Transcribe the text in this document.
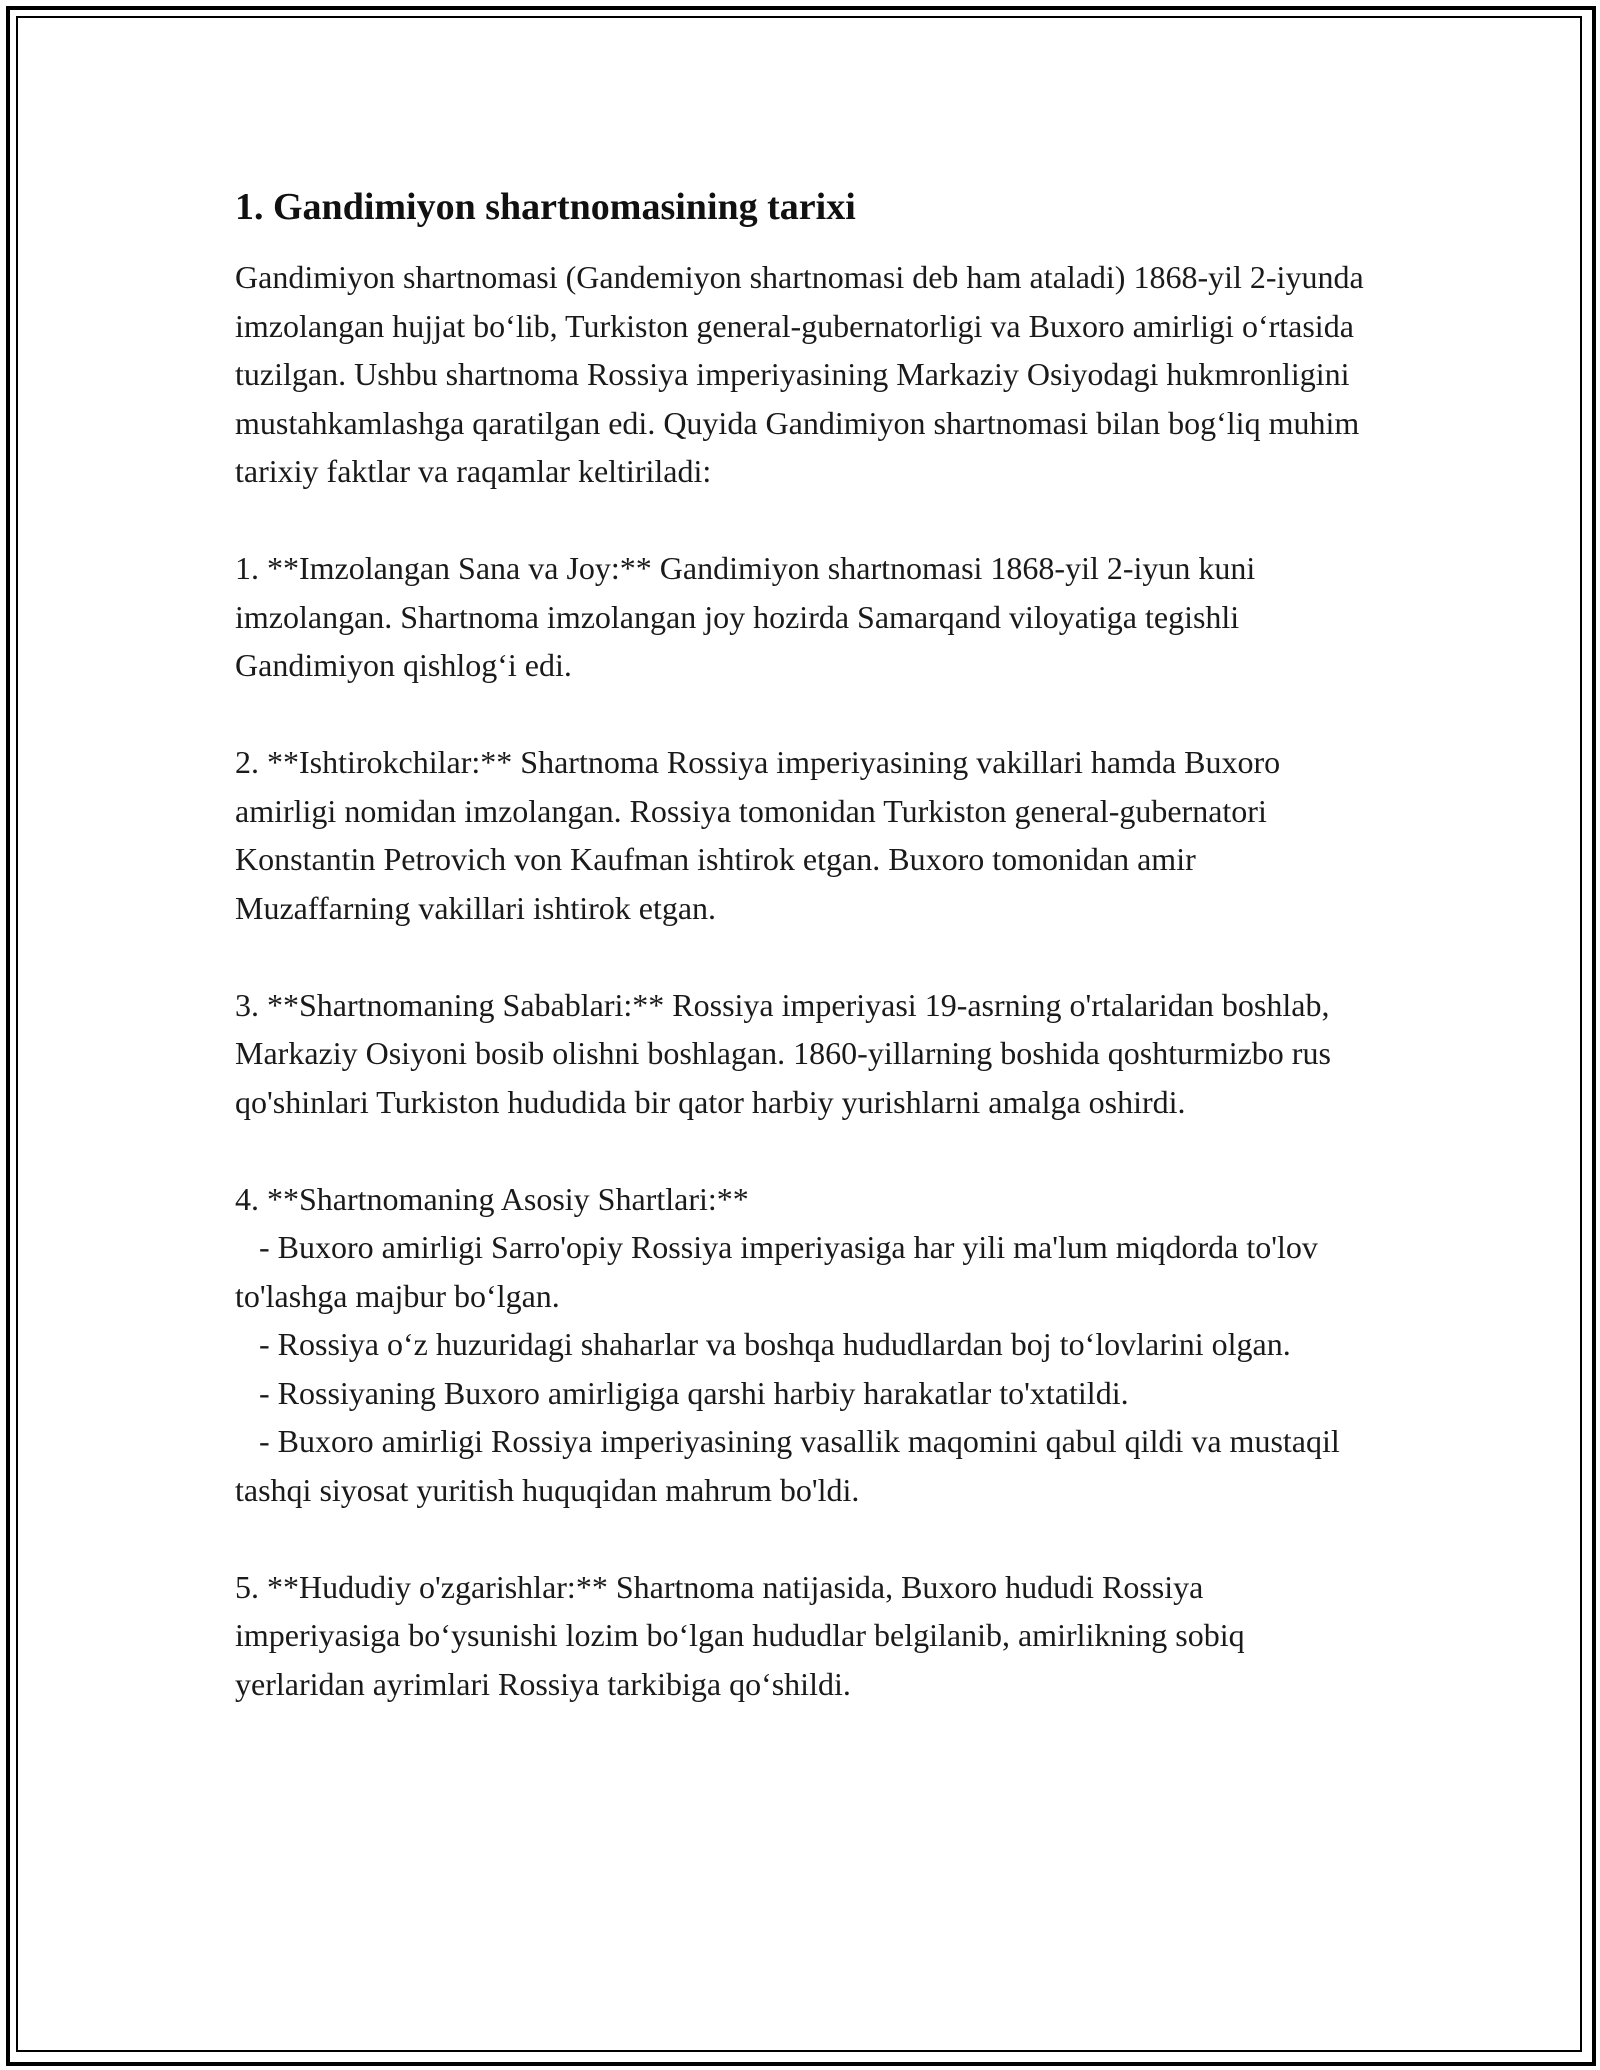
1. Gandimiyon shartnomasining tarixi

Gandimiyon shartnomasi (Gandemiyon shartnomasi deb ham ataladi) 1868-yil 2-iyunda imzolangan hujjat bo‘lib, Turkiston general-gubernatorligi va Buxoro amirligi o‘rtasida tuzilgan. Ushbu shartnoma Rossiya imperiyasining Markaziy Osiyodagi hukmronligini mustahkamlashga qaratilgan edi. Quyida Gandimiyon shartnomasi bilan bog‘liq muhim tarixiy faktlar va raqamlar keltiriladi:

1. **Imzolangan Sana va Joy:** Gandimiyon shartnomasi 1868-yil 2-iyun kuni imzolangan. Shartnoma imzolangan joy hozirda Samarqand viloyatiga tegishli Gandimiyon qishlog‘i edi.

2. **Ishtirokchilar:** Shartnoma Rossiya imperiyasining vakillari hamda Buxoro amirligi nomidan imzolangan. Rossiya tomonidan Turkiston general-gubernatori Konstantin Petrovich von Kaufman ishtirok etgan. Buxoro tomonidan amir Muzaffarning vakillari ishtirok etgan.

3. **Shartnomaning Sabablari:** Rossiya imperiyasi 19-asrning o'rtalaridan boshlab, Markaziy Osiyoni bosib olishni boshlagan. 1860-yillarning boshida qoshturmizbo rus qo'shinlari Turkiston hududida bir qator harbiy yurishlarni amalga oshirdi.

4. **Shartnomaning Asosiy Shartlari:**
- Buxoro amirligi Sarro'opiy Rossiya imperiyasiga har yili ma'lum miqdorda to'lov to'lashga majbur bo‘lgan.
- Rossiya o‘z huzuridagi shaharlar va boshqa hududlardan boj to‘lovlarini olgan.
- Rossiyaning Buxoro amirligiga qarshi harbiy harakatlar to'xtatildi.
- Buxoro amirligi Rossiya imperiyasining vasallik maqomini qabul qildi va mustaqil tashqi siyosat yuritish huquqidan mahrum bo'ldi.

5. **Hududiy o'zgarishlar:** Shartnoma natijasida, Buxoro hududi Rossiya imperiyasiga bo‘ysunishi lozim bo‘lgan hududlar belgilanib, amirlikning sobiq yerlaridan ayrimlari Rossiya tarkibiga qo‘shildi.
